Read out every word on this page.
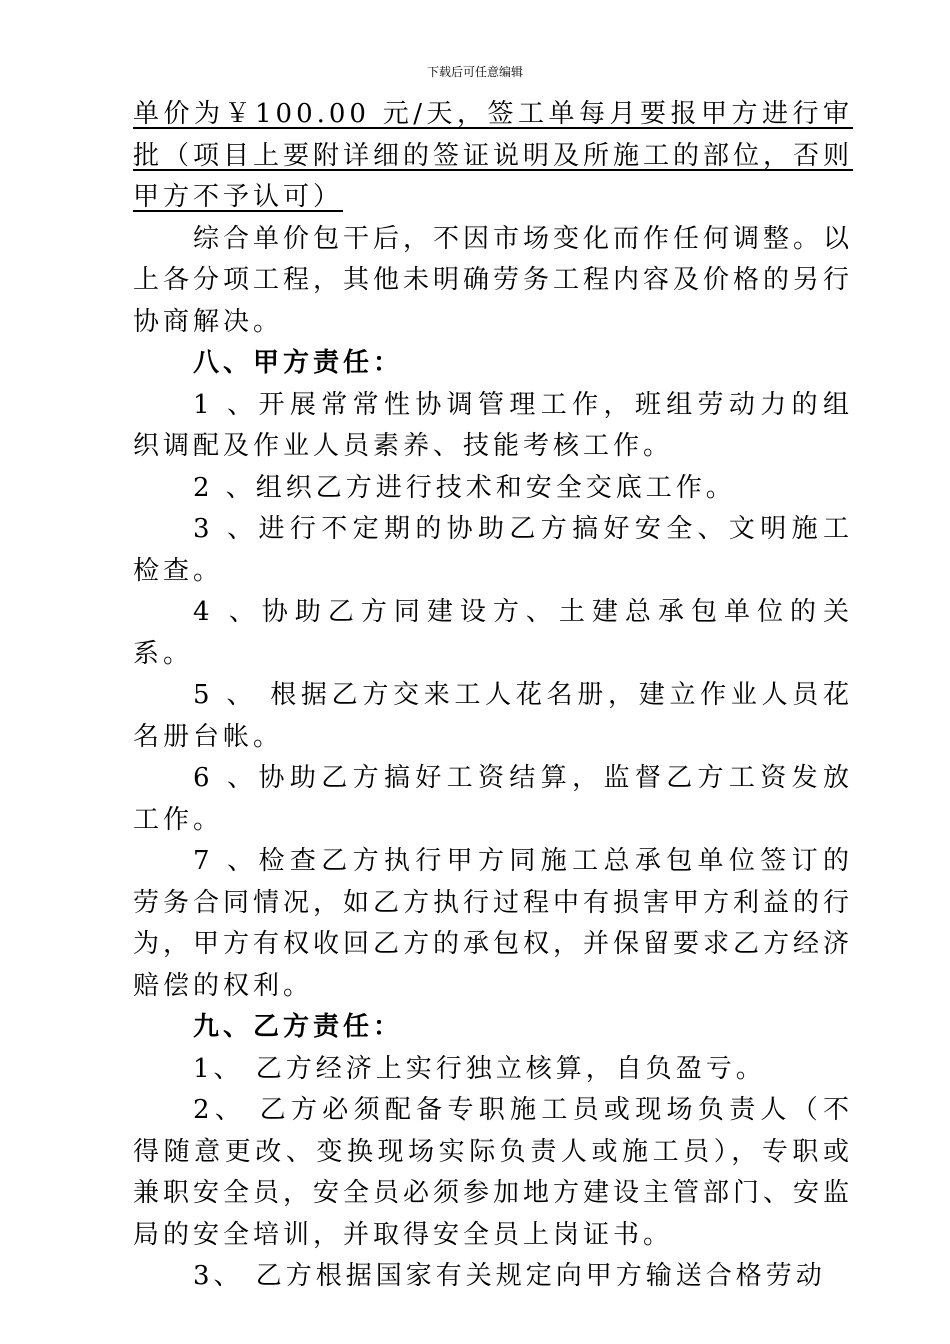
下载后可任意编辑

单价为￥100.00 元/天，签工单每月要报甲方进行审批（项目上要附详细的签证说明及所施工的部位，否则甲方不予认可）

综合单价包干后，不因市场变化而作任何调整。以上各分项工程，其他未明确劳务工程内容及价格的另行协商解决。

八、甲方责任：

1 、开展常常性协调管理工作，班组劳动力的组织调配及作业人员素养、技能考核工作。

2 、组织乙方进行技术和安全交底工作。

3 、进行不定期的协助乙方搞好安全、文明施工检查。

4 、协助乙方同建设方、土建总承包单位的关系。

5 、 根据乙方交来工人花名册，建立作业人员花名册台帐。

6 、协助乙方搞好工资结算，监督乙方工资发放工作。

7 、检查乙方执行甲方同施工总承包单位签订的劳务合同情况，如乙方执行过程中有损害甲方利益的行为，甲方有权收回乙方的承包权，并保留要求乙方经济赔偿的权利。

九、乙方责任：

1、 乙方经济上实行独立核算，自负盈亏。

2、 乙方必须配备专职施工员或现场负责人（不得随意更改、变换现场实际负责人或施工员），专职或兼职安全员，安全员必须参加地方建设主管部门、安监局的安全培训，并取得安全员上岗证书。

3、 乙方根据国家有关规定向甲方输送合格劳动
